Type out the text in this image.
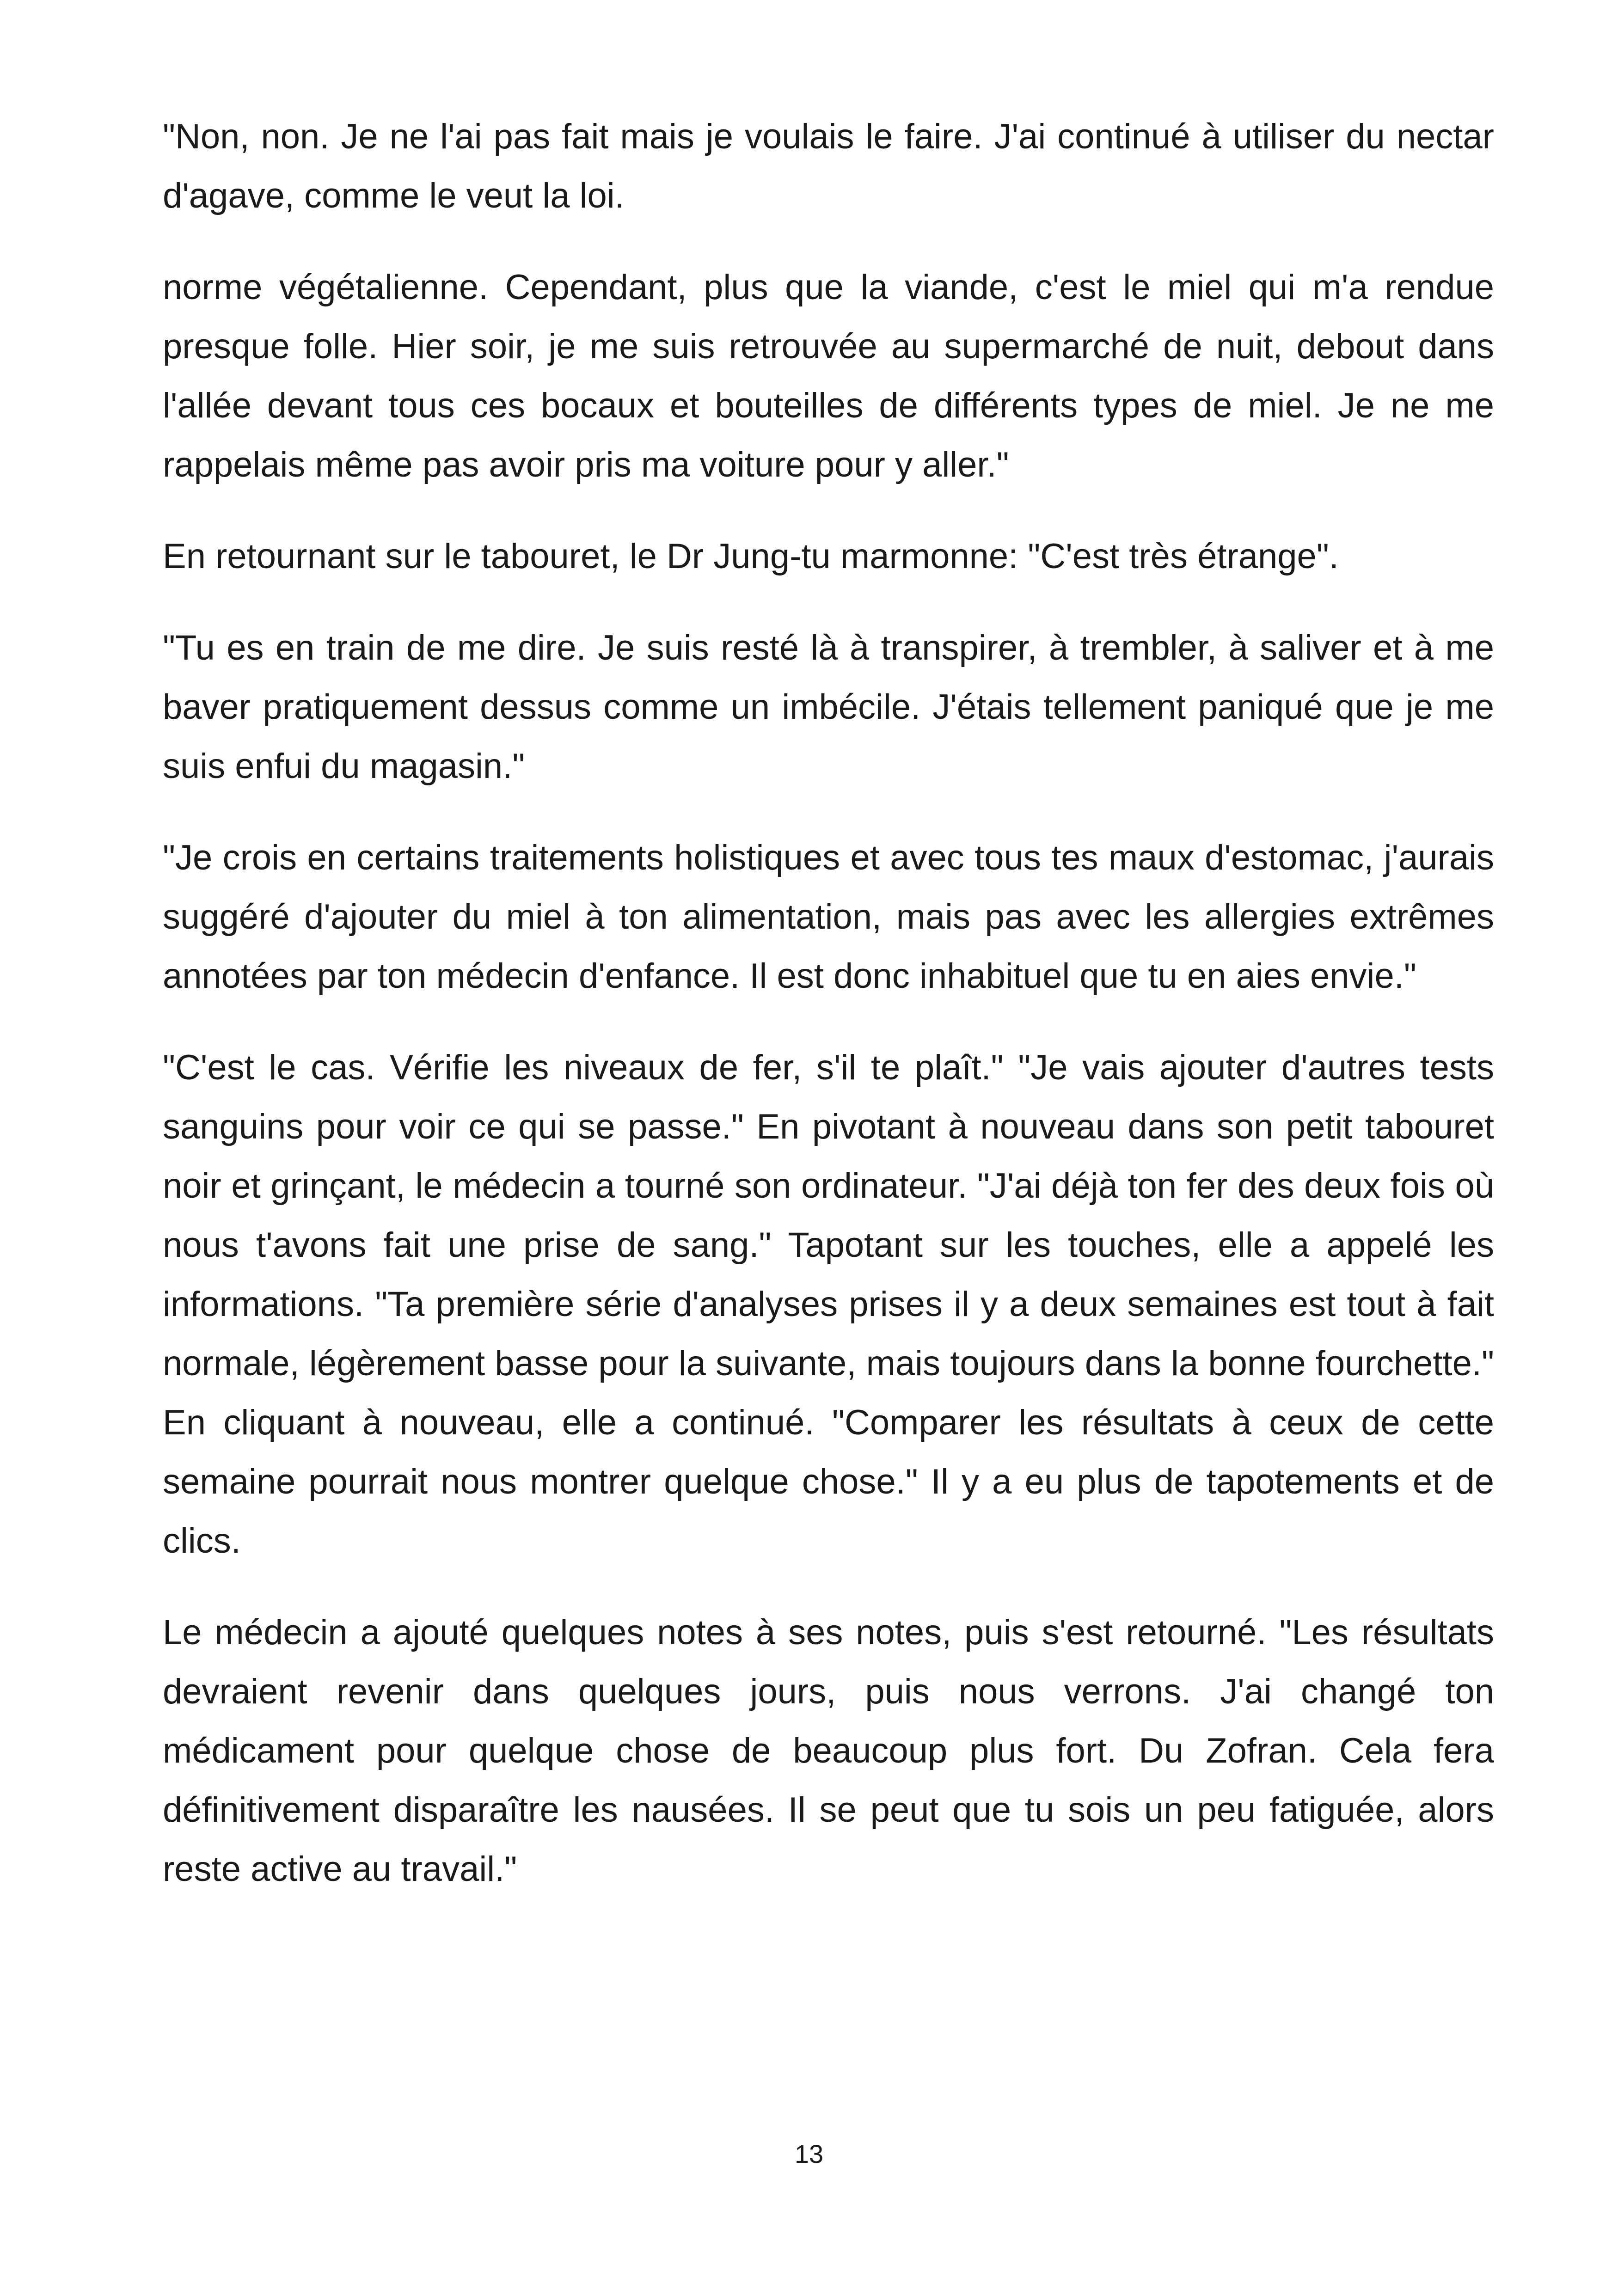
"Non, non. Je ne l'ai pas fait mais je voulais le faire. J'ai continué à utiliser du nectar d'agave, comme le veut la loi.

norme végétalienne. Cependant, plus que la viande, c'est le miel qui m'a rendue presque folle. Hier soir, je me suis retrouvée au supermarché de nuit, debout dans l'allée devant tous ces bocaux et bouteilles de différents types de miel. Je ne me rappelais même pas avoir pris ma voiture pour y aller."

En retournant sur le tabouret, le Dr Jung-tu marmonne: "C'est très étrange".

"Tu es en train de me dire. Je suis resté là à transpirer, à trembler, à saliver et à me baver pratiquement dessus comme un imbécile. J'étais tellement paniqué que je me suis enfui du magasin."

"Je crois en certains traitements holistiques et avec tous tes maux d'estomac, j'aurais suggéré d'ajouter du miel à ton alimentation, mais pas avec les allergies extrêmes annotées par ton médecin d'enfance. Il est donc inhabituel que tu en aies envie."

"C'est le cas. Vérifie les niveaux de fer, s'il te plaît." "Je vais ajouter d'autres tests sanguins pour voir ce qui se passe." En pivotant à nouveau dans son petit tabouret noir et grinçant, le médecin a tourné son ordinateur. "J'ai déjà ton fer des deux fois où nous t'avons fait une prise de sang." Tapotant sur les touches, elle a appelé les informations. "Ta première série d'analyses prises il y a deux semaines est tout à fait normale, légèrement basse pour la suivante, mais toujours dans la bonne fourchette." En cliquant à nouveau, elle a continué. "Comparer les résultats à ceux de cette semaine pourrait nous montrer quelque chose." Il y a eu plus de tapotements et de clics.

Le médecin a ajouté quelques notes à ses notes, puis s'est retourné. "Les résultats devraient revenir dans quelques jours, puis nous verrons. J'ai changé ton médicament pour quelque chose de beaucoup plus fort. Du Zofran. Cela fera définitivement disparaître les nausées. Il se peut que tu sois un peu fatiguée, alors reste active au travail."

13
